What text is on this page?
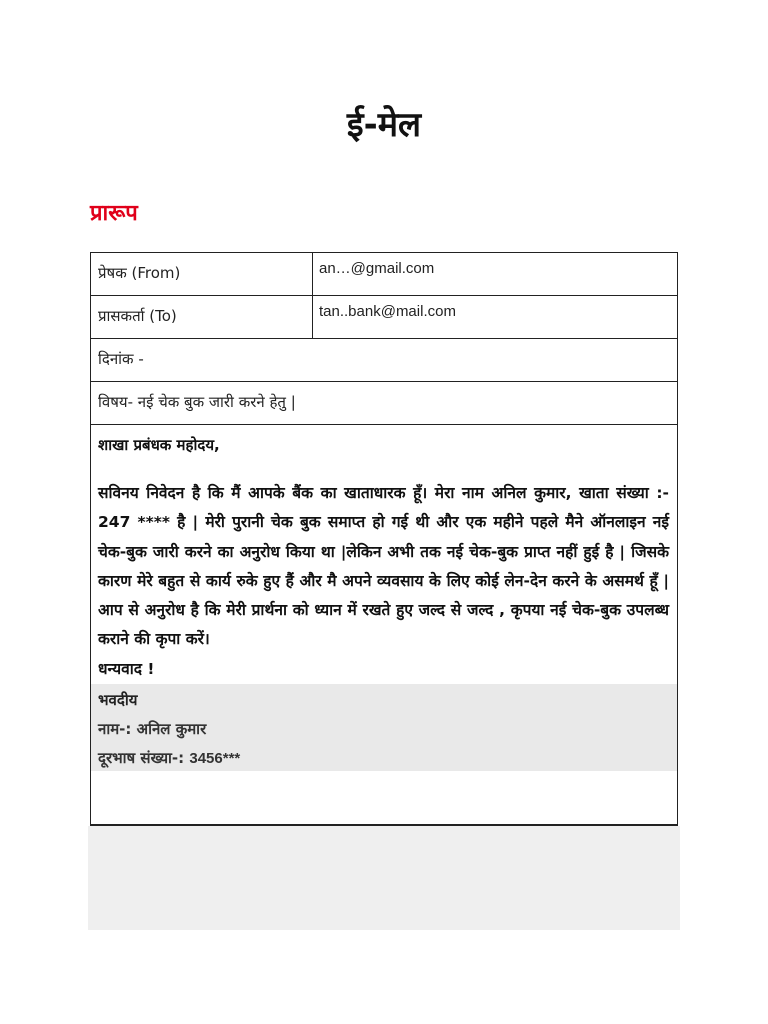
ई-मेल
प्रारूप
प्रेषक (From)	an…@gmail.com
प्रासकर्ता (To)	tan..bank@mail.com
दिनांक -
विषय- नई चेक बुक जारी करने हेतु |
शाखा प्रबंधक महोदय,

सविनय निवेदन है कि मैं आपके बैंक का खाताधारक हूँ। मेरा नाम अनिल कुमार, खाता संख्या :- 247 **** है | मेरी पुरानी चेक बुक समाप्त हो गई थी और एक महीने पहले मैने ऑनलाइन नई चेक-बुक जारी करने का अनुरोध किया था |लेकिन अभी तक नई चेक-बुक प्राप्त नहीं हुई है | जिसके कारण मेरे बहुत से कार्य रुके हुए हैं और मै अपने व्यवसाय के लिए कोई लेन-देन करने के असमर्थ हूँ |आप से अनुरोध है कि मेरी प्रार्थना को ध्यान में रखते हुए जल्द से जल्द , कृपया नई चेक-बुक उपलब्ध कराने की कृपा करें।

धन्यवाद !
भवदीय
नाम-: अनिल कुमार
दूरभाष संख्या-: 3456***
